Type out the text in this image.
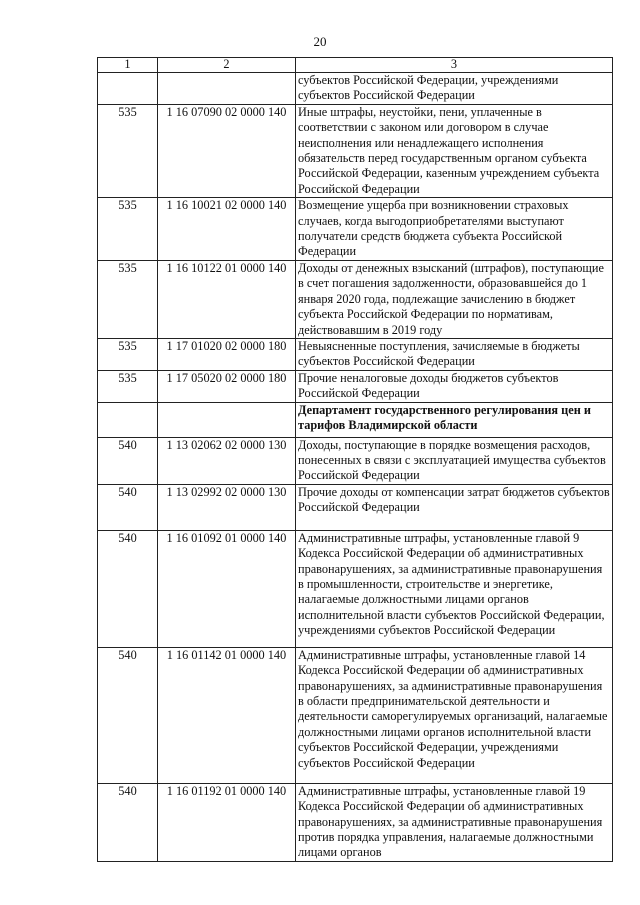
20
1	2	3
		субъектов Российской Федерации, учреждениями субъектов Российской Федерации
535	1 16 07090 02 0000 140	Иные штрафы, неустойки, пени, уплаченные в соответствии с законом или договором в случае неисполнения или ненадлежащего исполнения обязательств перед государственным органом субъекта Российской Федерации, казенным учреждением субъекта Российской Федерации
535	1 16 10021 02 0000 140	Возмещение ущерба при возникновении страховых случаев, когда выгодоприобретателями выступают получатели средств бюджета субъекта Российской Федерации
535	1 16 10122 01 0000 140	Доходы от денежных взысканий (штрафов), поступающие в счет погашения задолженности, образовавшейся до 1 января 2020 года, подлежащие зачислению в бюджет субъекта Российской Федерации по нормативам, действовавшим в 2019 году
535	1 17 01020 02 0000 180	Невыясненные поступления, зачисляемые в бюджеты субъектов Российской Федерации
535	1 17 05020 02 0000 180	Прочие неналоговые доходы бюджетов субъектов Российской Федерации
		Департамент государственного регулирования цен и тарифов Владимирской области
540	1 13 02062 02 0000 130	Доходы, поступающие в порядке возмещения расходов, понесенных в связи с эксплуатацией имущества субъектов Российской Федерации
540	1 13 02992 02 0000 130	Прочие доходы от компенсации затрат бюджетов субъектов Российской Федерации
540	1 16 01092 01 0000 140	Административные штрафы, установленные главой 9 Кодекса Российской Федерации об административных правонарушениях, за административные правонарушения в промышленности, строительстве и энергетике, налагаемые должностными лицами органов исполнительной власти субъектов Российской Федерации, учреждениями субъектов Российской Федерации
540	1 16 01142 01 0000 140	Административные штрафы, установленные главой 14 Кодекса Российской Федерации об административных правонарушениях, за административные правонарушения в области предпринимательской деятельности и деятельности саморегулируемых организаций, налагаемые должностными лицами органов исполнительной власти субъектов Российской Федерации, учреждениями субъектов Российской Федерации
540	1 16 01192 01 0000 140	Административные штрафы, установленные главой 19 Кодекса Российской Федерации об административных правонарушениях, за административные правонарушения против порядка управления, налагаемые должностными лицами органов
